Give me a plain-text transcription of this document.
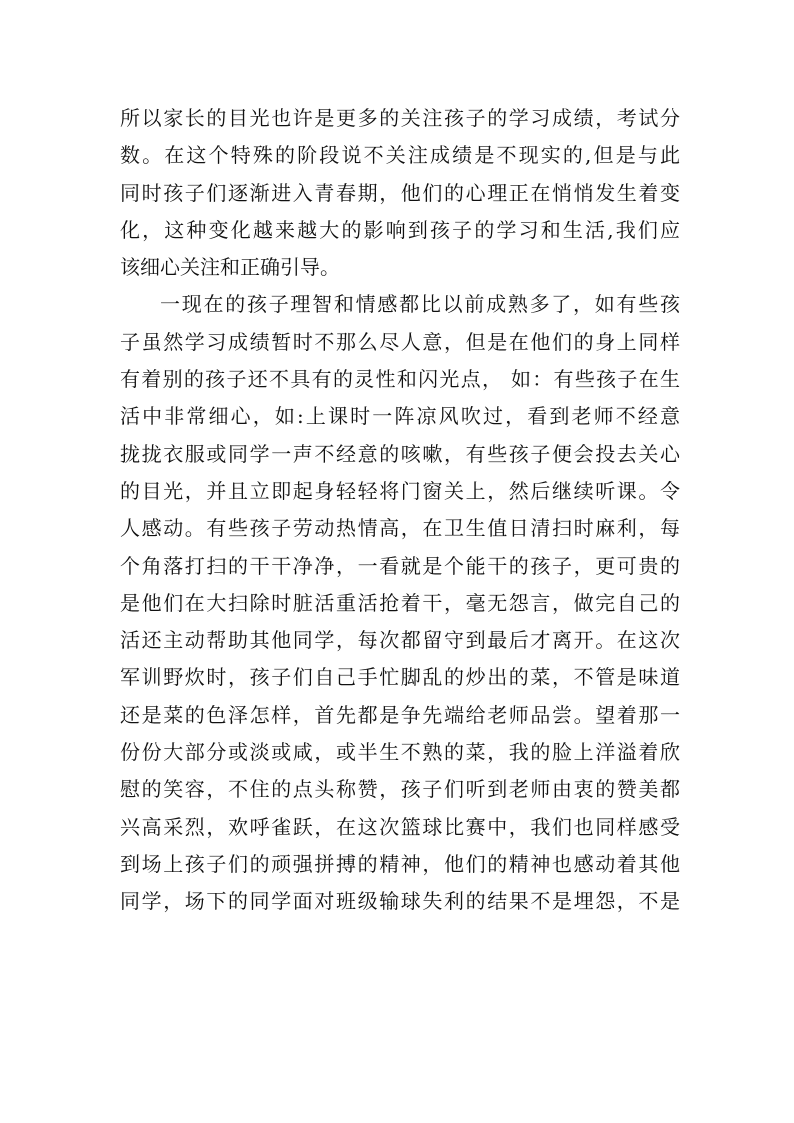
所以家长的目光也许是更多的关注孩子的学习成绩，考试分
数。在这个特殊的阶段说不关注成绩是不现实的,但是与此
同时孩子们逐渐进入青春期，他们的心理正在悄悄发生着变
化，这种变化越来越大的影响到孩子的学习和生活,我们应
该细心关注和正确引导。
一现在的孩子理智和情感都比以前成熟多了，如有些孩
子虽然学习成绩暂时不那么尽人意，但是在他们的身上同样
有着别的孩子还不具有的灵性和闪光点， 如：有些孩子在生
活中非常细心，如:上课时一阵凉风吹过，看到老师不经意
拢拢衣服或同学一声不经意的咳嗽，有些孩子便会投去关心
的目光，并且立即起身轻轻将门窗关上，然后继续听课。令
人感动。有些孩子劳动热情高，在卫生值日清扫时麻利，每
个角落打扫的干干净净，一看就是个能干的孩子，更可贵的
是他们在大扫除时脏活重活抢着干，毫无怨言，做完自己的
活还主动帮助其他同学，每次都留守到最后才离开。在这次
军训野炊时，孩子们自己手忙脚乱的炒出的菜，不管是味道
还是菜的色泽怎样，首先都是争先端给老师品尝。望着那一
份份大部分或淡或咸，或半生不熟的菜，我的脸上洋溢着欣
慰的笑容，不住的点头称赞，孩子们听到老师由衷的赞美都
兴高采烈，欢呼雀跃，在这次篮球比赛中，我们也同样感受
到场上孩子们的顽强拼搏的精神，他们的精神也感动着其他
同学，场下的同学面对班级输球失利的结果不是埋怨，不是
